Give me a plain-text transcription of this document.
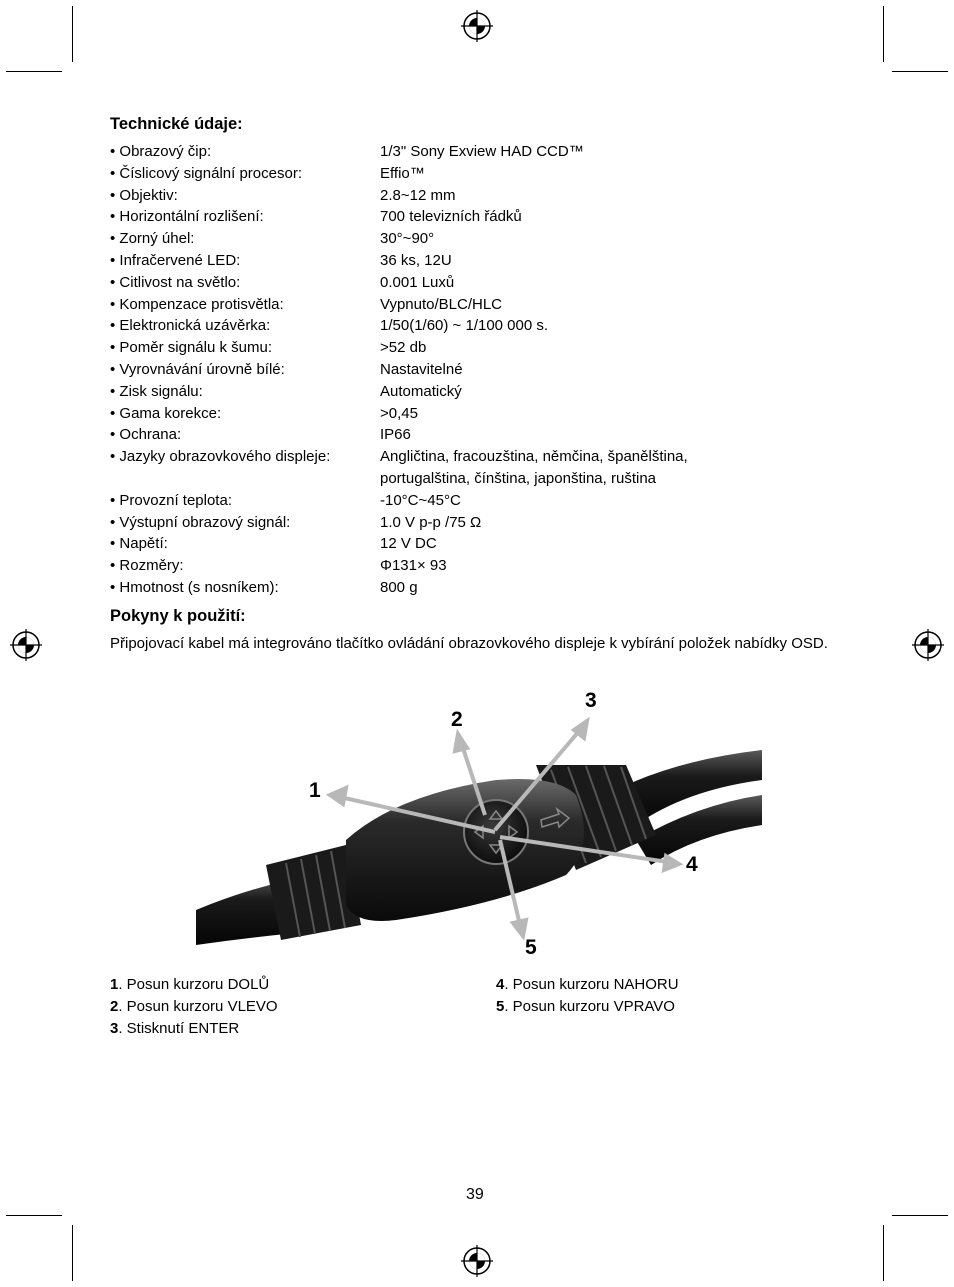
Technické údaje:
• Obrazový čip:	1/3" Sony Exview HAD CCD™
• Číslicový signální procesor:	Effio™
• Objektiv:	2.8~12 mm
• Horizontální rozlišení:	700 televizních řádků
• Zorný úhel:	30°~90°
• Infračervené LED:	36 ks, 12U
• Citlivost na světlo:	0.001 Luxů
• Kompenzace protisvětla:	Vypnuto/BLC/HLC
• Elektronická uzávěrka:	1/50(1/60) ~ 1/100 000 s.
• Poměr signálu k šumu:	>52 db
• Vyrovnávání úrovně bílé:	Nastavitelné
• Zisk signálu:	Automatický
• Gama korekce:	>0,45
• Ochrana:	IP66
• Jazyky obrazovkového displeje:	Angličtina, fracouzština, němčina, španělština,
portugalština, čínština, japonština, ruština
• Provozní teplota:	-10°C~45°C
• Výstupní obrazový signál:	1.0 V p-p /75 Ω
• Napětí:	12 V DC
• Rozměry:	Φ131× 93
• Hmotnost (s nosníkem):	800 g
Pokyny k použití:

Připojovací kabel má integrováno tlačítko ovládání obrazovkového displeje k vybírání položek nabídky OSD.

1
2
3
4
5
1. Posun kurzoru DOLŮ
2. Posun kurzoru VLEVO
3. Stisknutí ENTER
4. Posun kurzoru NAHORU
5. Posun kurzoru VPRAVO
39
